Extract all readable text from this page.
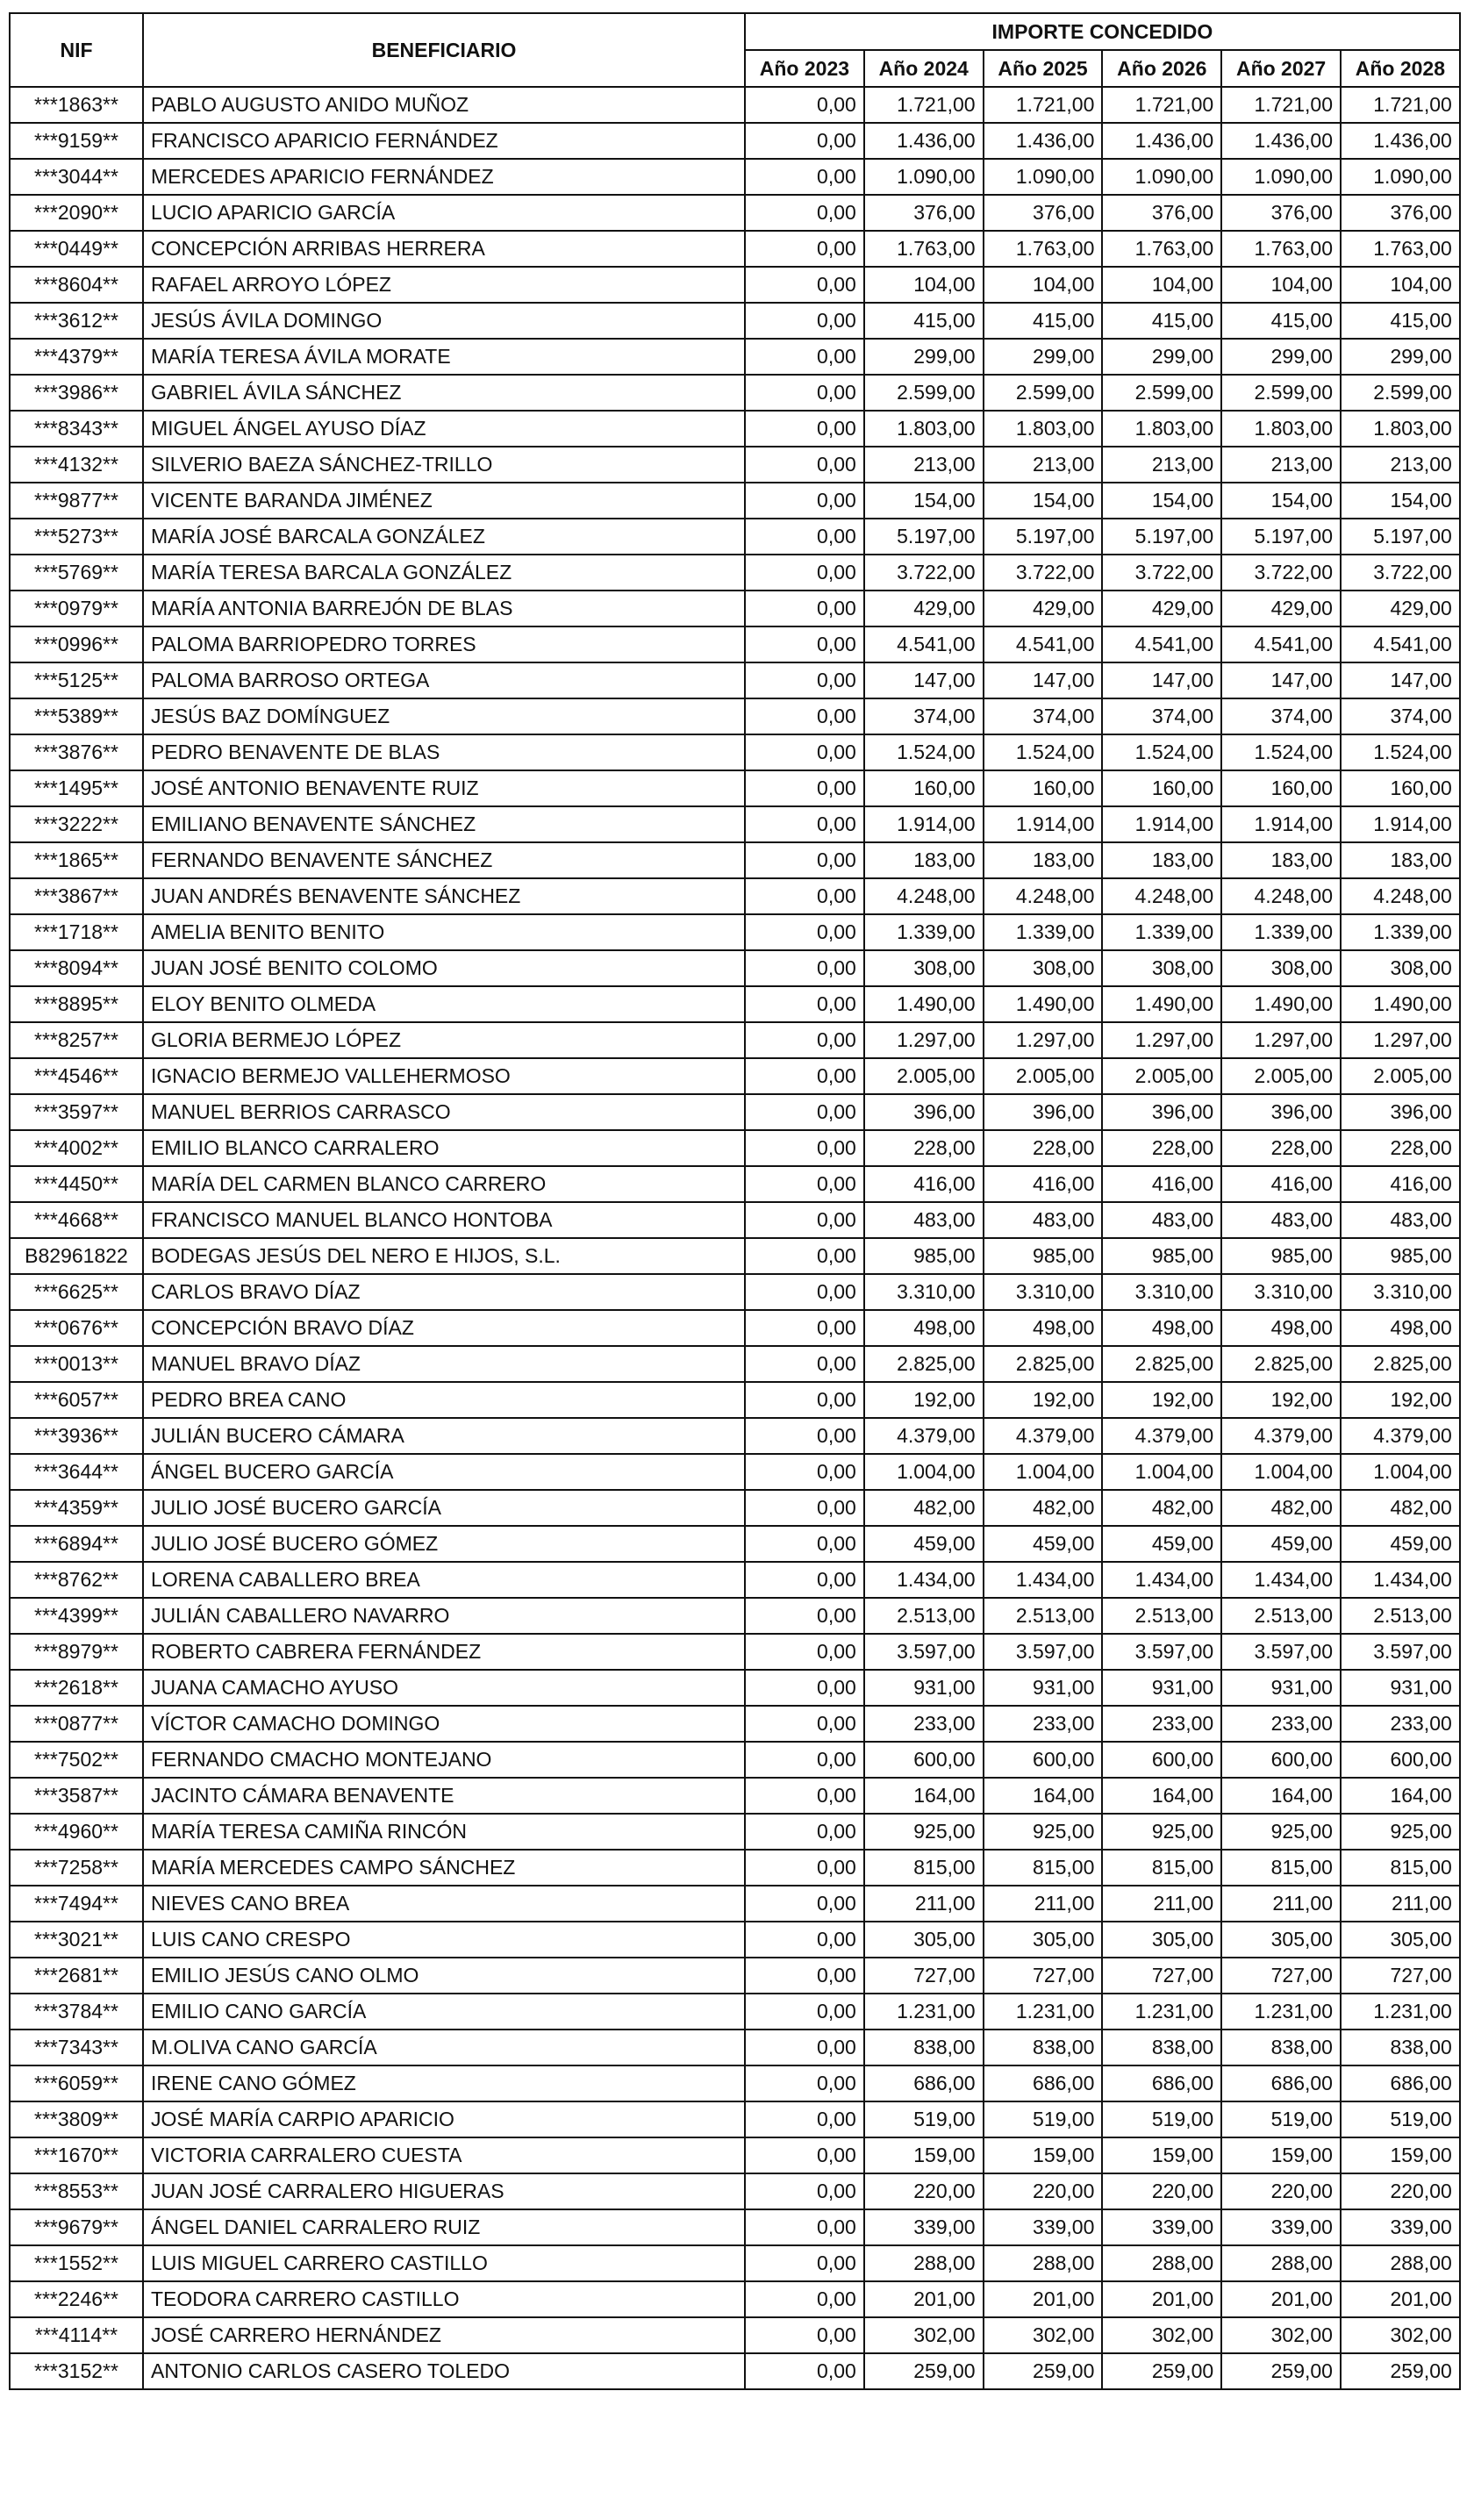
NIF	BENEFICIARIO	IMPORTE CONCEDIDO					
		Año 2023	Año 2024	Año 2025	Año 2026	Año 2027	Año 2028
***1863**	PABLO AUGUSTO ANIDO MUÑOZ	0,00	1.721,00	1.721,00	1.721,00	1.721,00	1.721,00
***9159**	FRANCISCO APARICIO FERNÁNDEZ	0,00	1.436,00	1.436,00	1.436,00	1.436,00	1.436,00
***3044**	MERCEDES APARICIO FERNÁNDEZ	0,00	1.090,00	1.090,00	1.090,00	1.090,00	1.090,00
***2090**	LUCIO APARICIO GARCÍA	0,00	376,00	376,00	376,00	376,00	376,00
***0449**	CONCEPCIÓN ARRIBAS HERRERA	0,00	1.763,00	1.763,00	1.763,00	1.763,00	1.763,00
***8604**	RAFAEL ARROYO LÓPEZ	0,00	104,00	104,00	104,00	104,00	104,00
***3612**	JESÚS ÁVILA DOMINGO	0,00	415,00	415,00	415,00	415,00	415,00
***4379**	MARÍA TERESA ÁVILA MORATE	0,00	299,00	299,00	299,00	299,00	299,00
***3986**	GABRIEL ÁVILA SÁNCHEZ	0,00	2.599,00	2.599,00	2.599,00	2.599,00	2.599,00
***8343**	MIGUEL ÁNGEL AYUSO DÍAZ	0,00	1.803,00	1.803,00	1.803,00	1.803,00	1.803,00
***4132**	SILVERIO BAEZA SÁNCHEZ-TRILLO	0,00	213,00	213,00	213,00	213,00	213,00
***9877**	VICENTE BARANDA JIMÉNEZ	0,00	154,00	154,00	154,00	154,00	154,00
***5273**	MARÍA JOSÉ BARCALA GONZÁLEZ	0,00	5.197,00	5.197,00	5.197,00	5.197,00	5.197,00
***5769**	MARÍA TERESA BARCALA GONZÁLEZ	0,00	3.722,00	3.722,00	3.722,00	3.722,00	3.722,00
***0979**	MARÍA ANTONIA BARREJÓN DE BLAS	0,00	429,00	429,00	429,00	429,00	429,00
***0996**	PALOMA BARRIOPEDRO TORRES	0,00	4.541,00	4.541,00	4.541,00	4.541,00	4.541,00
***5125**	PALOMA BARROSO ORTEGA	0,00	147,00	147,00	147,00	147,00	147,00
***5389**	JESÚS BAZ DOMÍNGUEZ	0,00	374,00	374,00	374,00	374,00	374,00
***3876**	PEDRO BENAVENTE DE BLAS	0,00	1.524,00	1.524,00	1.524,00	1.524,00	1.524,00
***1495**	JOSÉ ANTONIO BENAVENTE RUIZ	0,00	160,00	160,00	160,00	160,00	160,00
***3222**	EMILIANO BENAVENTE SÁNCHEZ	0,00	1.914,00	1.914,00	1.914,00	1.914,00	1.914,00
***1865**	FERNANDO BENAVENTE SÁNCHEZ	0,00	183,00	183,00	183,00	183,00	183,00
***3867**	JUAN ANDRÉS BENAVENTE SÁNCHEZ	0,00	4.248,00	4.248,00	4.248,00	4.248,00	4.248,00
***1718**	AMELIA BENITO BENITO	0,00	1.339,00	1.339,00	1.339,00	1.339,00	1.339,00
***8094**	JUAN JOSÉ BENITO COLOMO	0,00	308,00	308,00	308,00	308,00	308,00
***8895**	ELOY BENITO OLMEDA	0,00	1.490,00	1.490,00	1.490,00	1.490,00	1.490,00
***8257**	GLORIA BERMEJO LÓPEZ	0,00	1.297,00	1.297,00	1.297,00	1.297,00	1.297,00
***4546**	IGNACIO BERMEJO VALLEHERMOSO	0,00	2.005,00	2.005,00	2.005,00	2.005,00	2.005,00
***3597**	MANUEL BERRIOS CARRASCO	0,00	396,00	396,00	396,00	396,00	396,00
***4002**	EMILIO BLANCO CARRALERO	0,00	228,00	228,00	228,00	228,00	228,00
***4450**	MARÍA DEL CARMEN BLANCO CARRERO	0,00	416,00	416,00	416,00	416,00	416,00
***4668**	FRANCISCO MANUEL BLANCO HONTOBA	0,00	483,00	483,00	483,00	483,00	483,00
B82961822	BODEGAS JESÚS DEL NERO E HIJOS, S.L.	0,00	985,00	985,00	985,00	985,00	985,00
***6625**	CARLOS BRAVO DÍAZ	0,00	3.310,00	3.310,00	3.310,00	3.310,00	3.310,00
***0676**	CONCEPCIÓN BRAVO DÍAZ	0,00	498,00	498,00	498,00	498,00	498,00
***0013**	MANUEL BRAVO DÍAZ	0,00	2.825,00	2.825,00	2.825,00	2.825,00	2.825,00
***6057**	PEDRO BREA CANO	0,00	192,00	192,00	192,00	192,00	192,00
***3936**	JULIÁN BUCERO CÁMARA	0,00	4.379,00	4.379,00	4.379,00	4.379,00	4.379,00
***3644**	ÁNGEL BUCERO GARCÍA	0,00	1.004,00	1.004,00	1.004,00	1.004,00	1.004,00
***4359**	JULIO JOSÉ BUCERO GARCÍA	0,00	482,00	482,00	482,00	482,00	482,00
***6894**	JULIO JOSÉ BUCERO GÓMEZ	0,00	459,00	459,00	459,00	459,00	459,00
***8762**	LORENA CABALLERO BREA	0,00	1.434,00	1.434,00	1.434,00	1.434,00	1.434,00
***4399**	JULIÁN CABALLERO NAVARRO	0,00	2.513,00	2.513,00	2.513,00	2.513,00	2.513,00
***8979**	ROBERTO CABRERA FERNÁNDEZ	0,00	3.597,00	3.597,00	3.597,00	3.597,00	3.597,00
***2618**	JUANA CAMACHO AYUSO	0,00	931,00	931,00	931,00	931,00	931,00
***0877**	VÍCTOR CAMACHO DOMINGO	0,00	233,00	233,00	233,00	233,00	233,00
***7502**	FERNANDO CMACHO MONTEJANO	0,00	600,00	600,00	600,00	600,00	600,00
***3587**	JACINTO CÁMARA BENAVENTE	0,00	164,00	164,00	164,00	164,00	164,00
***4960**	MARÍA TERESA CAMIÑA RINCÓN	0,00	925,00	925,00	925,00	925,00	925,00
***7258**	MARÍA MERCEDES CAMPO SÁNCHEZ	0,00	815,00	815,00	815,00	815,00	815,00
***7494**	NIEVES CANO BREA	0,00	211,00	211,00	211,00	211,00	211,00
***3021**	LUIS CANO CRESPO	0,00	305,00	305,00	305,00	305,00	305,00
***2681**	EMILIO JESÚS CANO OLMO	0,00	727,00	727,00	727,00	727,00	727,00
***3784**	EMILIO CANO GARCÍA	0,00	1.231,00	1.231,00	1.231,00	1.231,00	1.231,00
***7343**	M.OLIVA CANO GARCÍA	0,00	838,00	838,00	838,00	838,00	838,00
***6059**	IRENE CANO GÓMEZ	0,00	686,00	686,00	686,00	686,00	686,00
***3809**	JOSÉ MARÍA CARPIO APARICIO	0,00	519,00	519,00	519,00	519,00	519,00
***1670**	VICTORIA CARRALERO CUESTA	0,00	159,00	159,00	159,00	159,00	159,00
***8553**	JUAN JOSÉ CARRALERO HIGUERAS	0,00	220,00	220,00	220,00	220,00	220,00
***9679**	ÁNGEL DANIEL CARRALERO RUIZ	0,00	339,00	339,00	339,00	339,00	339,00
***1552**	LUIS MIGUEL CARRERO CASTILLO	0,00	288,00	288,00	288,00	288,00	288,00
***2246**	TEODORA CARRERO CASTILLO	0,00	201,00	201,00	201,00	201,00	201,00
***4114**	JOSÉ CARRERO HERNÁNDEZ	0,00	302,00	302,00	302,00	302,00	302,00
***3152**	ANTONIO CARLOS CASERO TOLEDO	0,00	259,00	259,00	259,00	259,00	259,00
